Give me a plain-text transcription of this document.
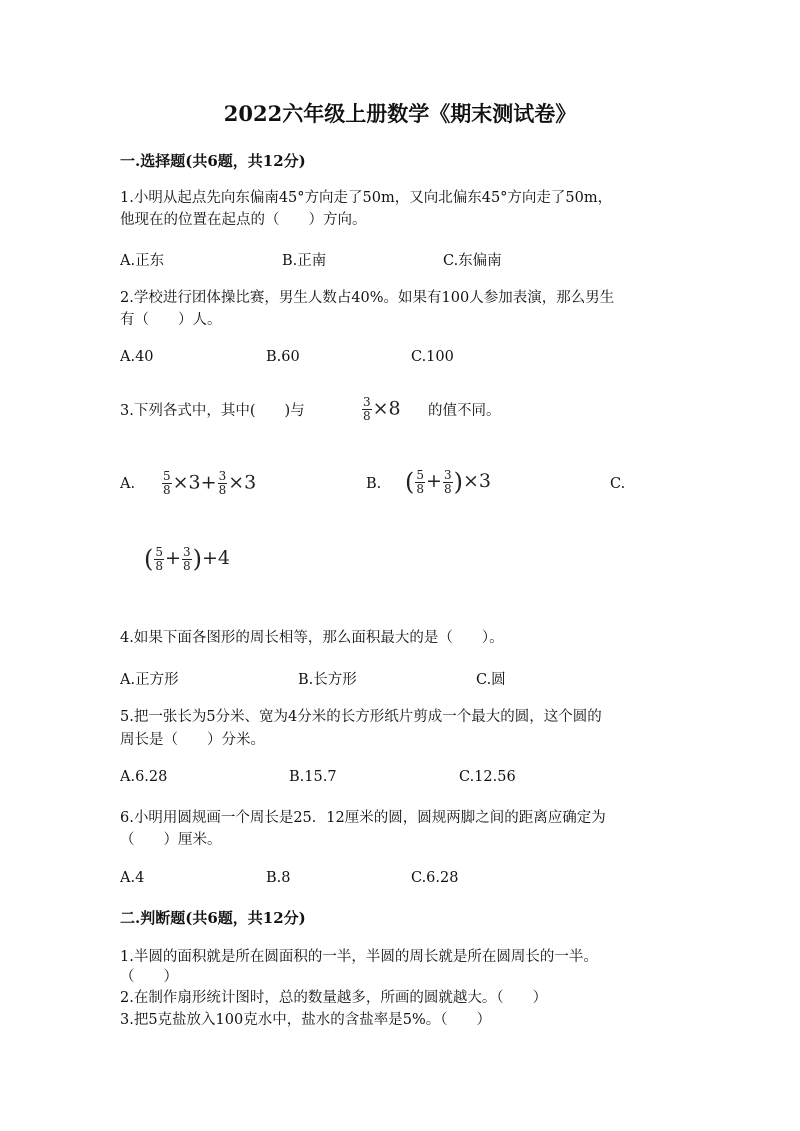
2022六年级上册数学《期末测试卷》
一.选择题(共6题，共12分)
1.小明从起点先向东偏南45°方向走了50m，又向北偏东45°方向走了50m，
他现在的位置在起点的（　　）方向。
A.正东	B.正南	C.东偏南
2.学校进行团体操比赛，男生人数占40%。如果有100人参加表演，那么男生
有（　　）人。
A.40	B.60	C.100
3.下列各式中，其中(　　)与	$\frac{3}{8} \times 8$ 的值不同。
A. $\frac{5}{8} \times 3+ \frac{3}{8} \times 3$	B. ( $\frac{5}{8} + \frac{3}{8} )\times 3$	C.
( $\frac{5}{8} + \frac{3}{8} )+4$
4.如果下面各图形的周长相等，那么面积最大的是（　　）。
A.正方形	B.长方形	C.圆
5.把一张长为5分米、宽为4分米的长方形纸片剪成一个最大的圆，这个圆的
周长是（　　）分米。
A.6.28	B.15.7	C.12.56
6.小明用圆规画一个周长是25．12厘米的圆，圆规两脚之间的距离应确定为
（　　）厘米。
A.4	B.8	C.6.28
二.判断题(共6题，共12分)
1.半圆的面积就是所在圆面积的一半，半圆的周长就是所在圆周长的一半。
（　　）
2.在制作扇形统计图时，总的数量越多，所画的圆就越大。（　　）
3.把5克盐放入100克水中，盐水的含盐率是5%。（　　）
